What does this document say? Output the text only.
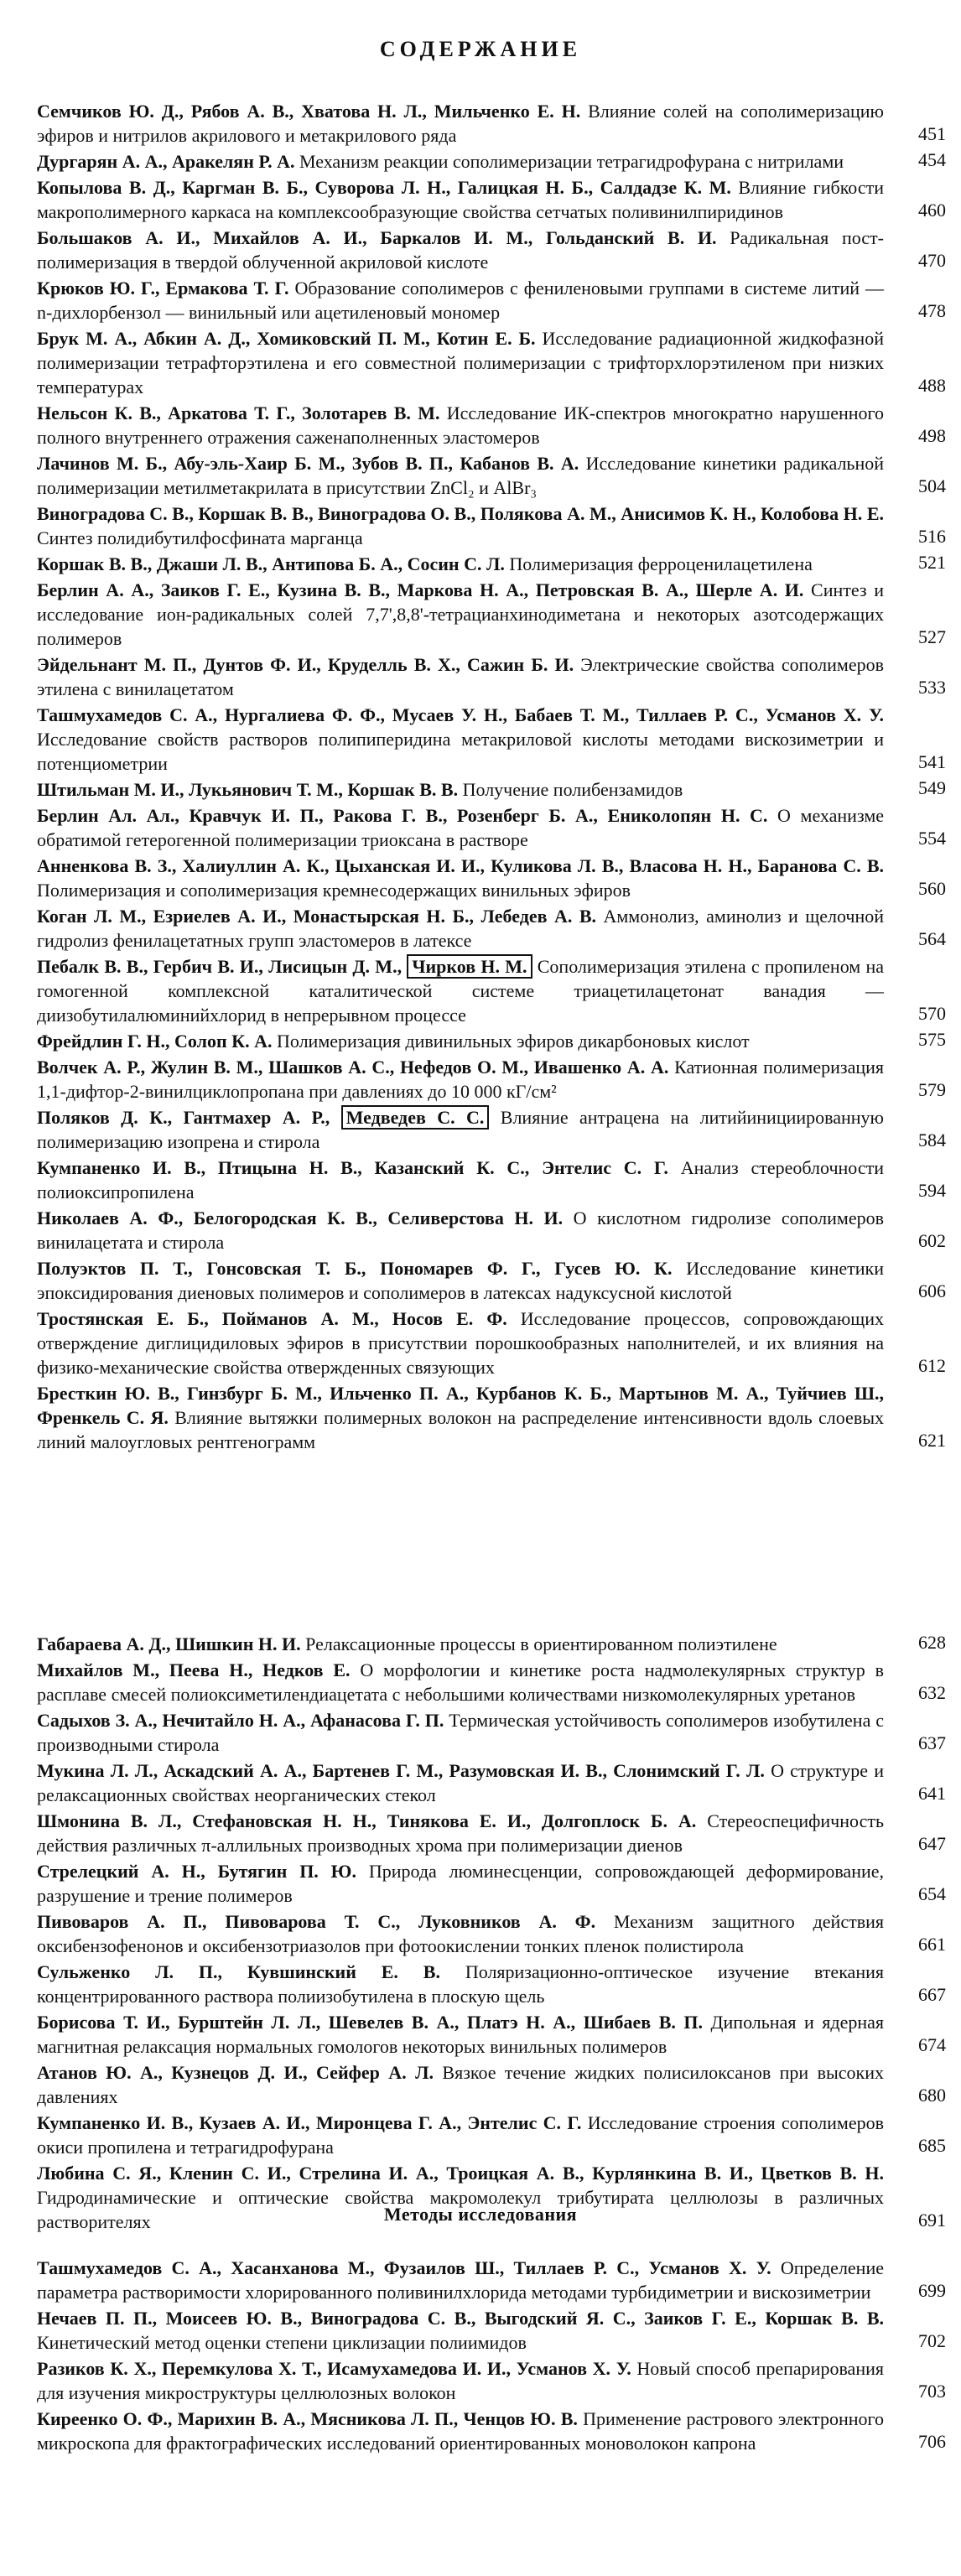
СОДЕРЖАНИЕ
Семчиков Ю. Д., Рябов А. В., Хватова Н. Л., Мильченко Е. Н. Влияние солей на сополимеризацию эфиров и нитрилов акрилового и метакрилового ряда	451
Дургарян А. А., Аракелян Р. А. Механизм реакции сополимеризации тетрагидрофурана с нитрилами	454
Копылова В. Д., Каргман В. Б., Суворова Л. Н., Галицкая Н. Б., Салдадзе К. М. Влияние гибкости макрополимерного каркаса на комплексообразующие свойства сетчатых поливинилпиридинов	460
Большаков А. И., Михайлов А. И., Баркалов И. М., Гольданский В. И. Радикальная пост-полимеризация в твердой облученной акриловой кислоте	470
Крюков Ю. Г., Ермакова Т. Г. Образование сополимеров с фениленовыми группами в системе литий — n-дихлорбензол — винильный или ацетиленовый мономер	478
Брук М. А., Абкин А. Д., Хомиковский П. М., Котин Е. Б. Исследование радиационной жидкофазной полимеризации тетрафторэтилена и его совместной полимеризации с трифторхлорэтиленом при низких температурах	488
Нельсон К. В., Аркатова Т. Г., Золотарев В. М. Исследование ИК-спектров многократно нарушенного полного внутреннего отражения саженаполненных эластомеров	498
Лачинов М. Б., Абу-эль-Хаир Б. М., Зубов В. П., Кабанов В. А. Исследование кинетики радикальной полимеризации метилметакрилата в присутствии ZnCl₂ и AlBr₃	504
Виноградова С. В., Коршак В. В., Виноградова О. В., Полякова А. М., Анисимов К. Н., Колобова Н. Е. Синтез полидибутилфосфината марганца	516
Коршак В. В., Джаши Л. В., Антипова Б. А., Сосин С. Л. Полимеризация ферроценилацетилена	521
Берлин А. А., Заиков Г. Е., Кузина В. В., Маркова Н. А., Петровская В. А., Шерле А. И. Синтез и исследование ион-радикальных солей 7,7',8,8'-тетрацианхинодиметана и некоторых азотсодержащих полимеров	527
Эйдельнант М. П., Дунтов Ф. И., Круделль В. Х., Сажин Б. И. Электрические свойства сополимеров этилена с винилацетатом	533
Ташмухамедов С. А., Нургалиева Ф. Ф., Мусаев У. Н., Бабаев Т. М., Тиллаев Р. С., Усманов Х. У. Исследование свойств растворов полипиперидина метакриловой кислоты методами вискозиметрии и потенциометрии	541
Штильман М. И., Лукьянович Т. М., Коршак В. В. Получение полибензамидов	549
Берлин Ал. Ал., Кравчук И. П., Ракова Г. В., Розенберг Б. А., Ениколопян Н. С. О механизме обратимой гетерогенной полимеризации триоксана в растворе	554
Анненкова В. З., Халиуллин А. К., Цыханская И. И., Куликова Л. В., Власова Н. Н., Баранова С. В. Полимеризация и сополимеризация кремнесодержащих винильных эфиров	560
Коган Л. М., Езриелев А. И., Монастырская Н. Б., Лебедев А. В. Аммонолиз, аминолиз и щелочной гидролиз фенилацетатных групп эластомеров в латексе	564
Пебалк В. В., Гербич В. И., Лисицын Д. М., Чирков Н. М. Сополимеризация этилена с пропиленом на гомогенной комплексной каталитической системе триацетилацетонат ванадия — диизобутилалюминийхлорид в непрерывном процессе	570
Фрейдлин Г. Н., Солоп К. А. Полимеризация дивинильных эфиров дикарбоновых кислот	575
Волчек А. Р., Жулин В. М., Шашков А. С., Нефедов О. М., Ивашенко А. А. Катионная полимеризация 1,1-дифтор-2-винилциклопропана при давлениях до 10 000 кГ/см²	579
Поляков Д. К., Гантмахер А. Р., Медведев С. С. Влияние антрацена на литийинициированную полимеризацию изопрена и стирола	584
Кумпаненко И. В., Птицына Н. В., Казанский К. С., Энтелис С. Г. Анализ стереоблочности полиоксипропилена	594
Николаев А. Ф., Белогородская К. В., Селиверстова Н. И. О кислотном гидролизе сополимеров винилацетата и стирола	602
Полуэктов П. Т., Гонсовская Т. Б., Пономарев Ф. Г., Гусев Ю. К. Исследование кинетики эпоксидирования диеновых полимеров и сополимеров в латексах надуксусной кислотой	606
Тростянская Е. Б., Пойманов А. М., Носов Е. Ф. Исследование процессов, сопровождающих отверждение диглицидиловых эфиров в присутствии порошкообразных наполнителей, и их влияния на физико-механические свойства отвержденных связующих	612
Бресткин Ю. В., Гинзбург Б. М., Ильченко П. А., Курбанов К. Б., Мартынов М. А., Туйчиев Ш., Френкель С. Я. Влияние вытяжки полимерных волокон на распределение интенсивности вдоль слоевых линий малоугловых рентгенограмм	621
Габараева А. Д., Шишкин Н. И. Релаксационные процессы в ориентированном полиэтилене	628
Михайлов М., Пеева Н., Недков Е. О морфологии и кинетике роста надмолекулярных структур в расплаве смесей полиоксиметилендиацетата с небольшими количествами низкомолекулярных уретанов	632
Садыхов З. А., Нечитайло Н. А., Афанасова Г. П. Термическая устойчивость сополимеров изобутилена с производными стирола	637
Мукина Л. Л., Аскадский А. А., Бартенев Г. М., Разумовская И. В., Слонимский Г. Л. О структуре и релаксационных свойствах неорганических стекол	641
Шмонина В. Л., Стефановская Н. Н., Тинякова Е. И., Долгоплоск Б. А. Стереоспецифичность действия различных π-аллильных производных хрома при полимеризации диенов	647
Стрелецкий А. Н., Бутягин П. Ю. Природа люминесценции, сопровождающей деформирование, разрушение и трение полимеров	654
Пивоваров А. П., Пивоварова Т. С., Луковников А. Ф. Механизм защитного действия оксибензофенонов и оксибензотриазолов при фотоокислении тонких пленок полистирола	661
Сульженко Л. П., Кувшинский Е. В. Поляризационно-оптическое изучение втекания концентрированного раствора полиизобутилена в плоскую щель	667
Борисова Т. И., Бурштейн Л. Л., Шевелев В. А., Платэ Н. А., Шибаев В. П. Дипольная и ядерная магнитная релаксация нормальных гомологов некоторых винильных полимеров	674
Атанов Ю. А., Кузнецов Д. И., Сейфер А. Л. Вязкое течение жидких полисилоксанов при высоких давлениях	680
Кумпаненко И. В., Кузаев А. И., Миронцева Г. А., Энтелис С. Г. Исследование строения сополимеров окиси пропилена и тетрагидрофурана	685
Любина С. Я., Кленин С. И., Стрелина И. А., Троицкая А. В., Курлянкина В. И., Цветков В. Н. Гидродинамические и оптические свойства макромолекул трибутирата целлюлозы в различных растворителях	691
Ташмухамедов С. А., Хасанханова М., Фузаилов Ш., Тиллаев Р. С., Усманов Х. У. Определение параметра растворимости хлорированного поливинилхлорида методами турбидиметрии и вискозиметрии	699
Нечаев П. П., Моисеев Ю. В., Виноградова С. В., Выгодский Я. С., Заиков Г. Е., Коршак В. В. Кинетический метод оценки степени циклизации полиимидов	702
Разиков К. Х., Перемкулова Х. Т., Исамухамедова И. И., Усманов Х. У. Новый способ препарирования для изучения микроструктуры целлюлозных волокон	703
Киреенко О. Ф., Марихин В. А., Мясникова Л. П., Ченцов Ю. В. Применение растрового электронного микроскопа для фрактографических исследований ориентированных моноволокон капрона	706
Методы исследования
